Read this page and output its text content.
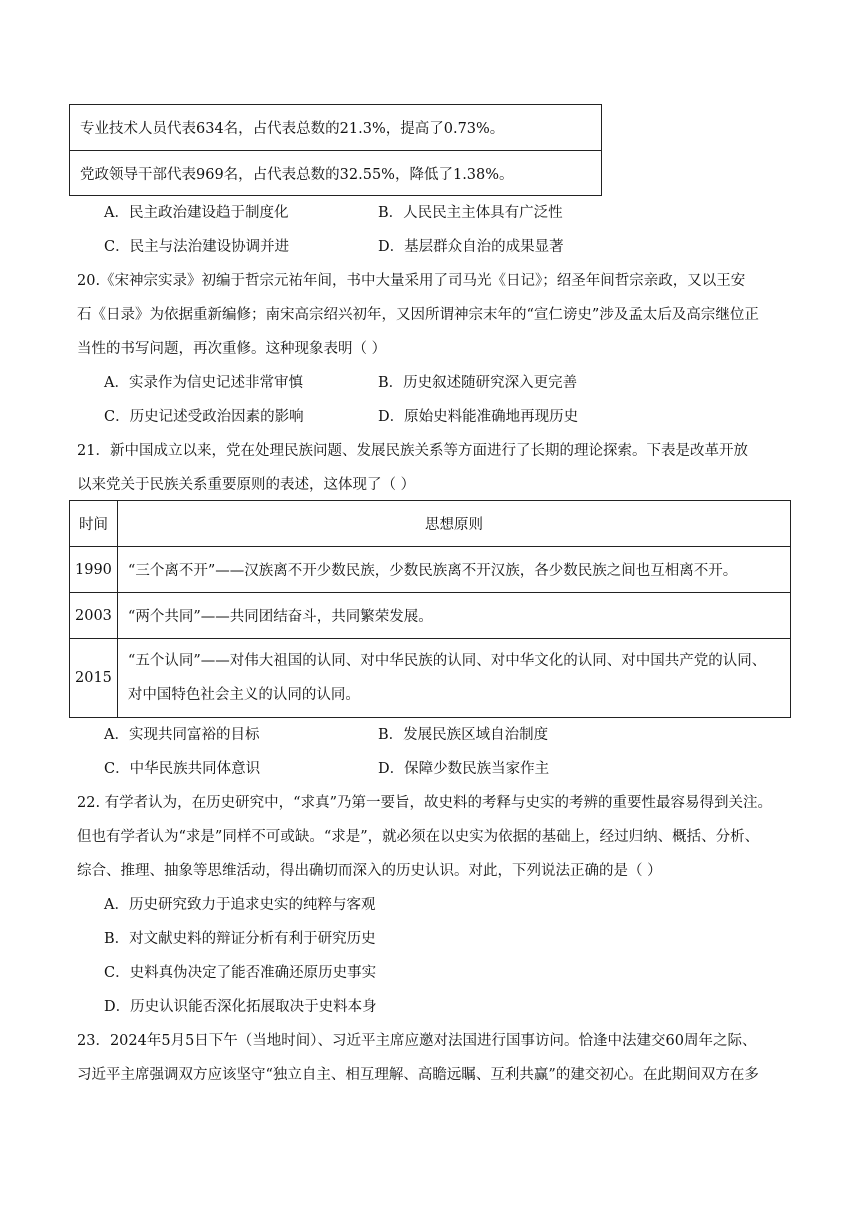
专业技术人员代表634名，占代表总数的21.3%，提高了0.73%。
党政领导干部代表969名，占代表总数的32.55%，降低了1.38%。
A．民主政治建设趋于制度化	B．人民民主主体具有广泛性
C．民主与法治建设协调并进	D．基层群众自治的成果显著
20.《宋神宗实录》初编于哲宗元祐年间，书中大量采用了司马光《日记》；绍圣年间哲宗亲政，又以王安
石《日录》为依据重新编修；南宋高宗绍兴初年，又因所谓神宗末年的“宣仁谤史”涉及孟太后及高宗继位正
当性的书写问题，再次重修。这种现象表明（ ）
A．实录作为信史记述非常审慎	B．历史叙述随研究深入更完善
C．历史记述受政治因素的影响	D．原始史料能准确地再现历史
21．新中国成立以来，党在处理民族问题、发展民族关系等方面进行了长期的理论探索。下表是改革开放
以来党关于民族关系重要原则的表述，这体现了（ ）
时间	思想原则
1990	“三个离不开”——汉族离不开少数民族，少数民族离不开汉族，各少数民族之间也互相离不开。
2003	“两个共同”——共同团结奋斗，共同繁荣发展。
2015	“五个认同”——对伟大祖国的认同、对中华民族的认同、对中华文化的认同、对中国共产党的认同、
对中国特色社会主义的认同的认同。
A．实现共同富裕的目标	B．发展民族区域自治制度
C．中华民族共同体意识	D．保障少数民族当家作主
22. 有学者认为，在历史研究中，“求真”乃第一要旨，故史料的考释与史实的考辨的重要性最容易得到关注。
但也有学者认为“求是”同样不可或缺。“求是”，就必须在以史实为依据的基础上，经过归纳、概括、分析、
综合、推理、抽象等思维活动，得出确切而深入的历史认识。对此，下列说法正确的是（ ）
A．历史研究致力于追求史实的纯粹与客观
B．对文献史料的辩证分析有利于研究历史
C．史料真伪决定了能否准确还原历史事实
D．历史认识能否深化拓展取决于史料本身
23．2024年5月5日下午（当地时间）、习近平主席应邀对法国进行国事访问。恰逢中法建交60周年之际、
习近平主席强调双方应该坚守“独立自主、相互理解、高瞻远瞩、互利共赢”的建交初心。在此期间双方在多
